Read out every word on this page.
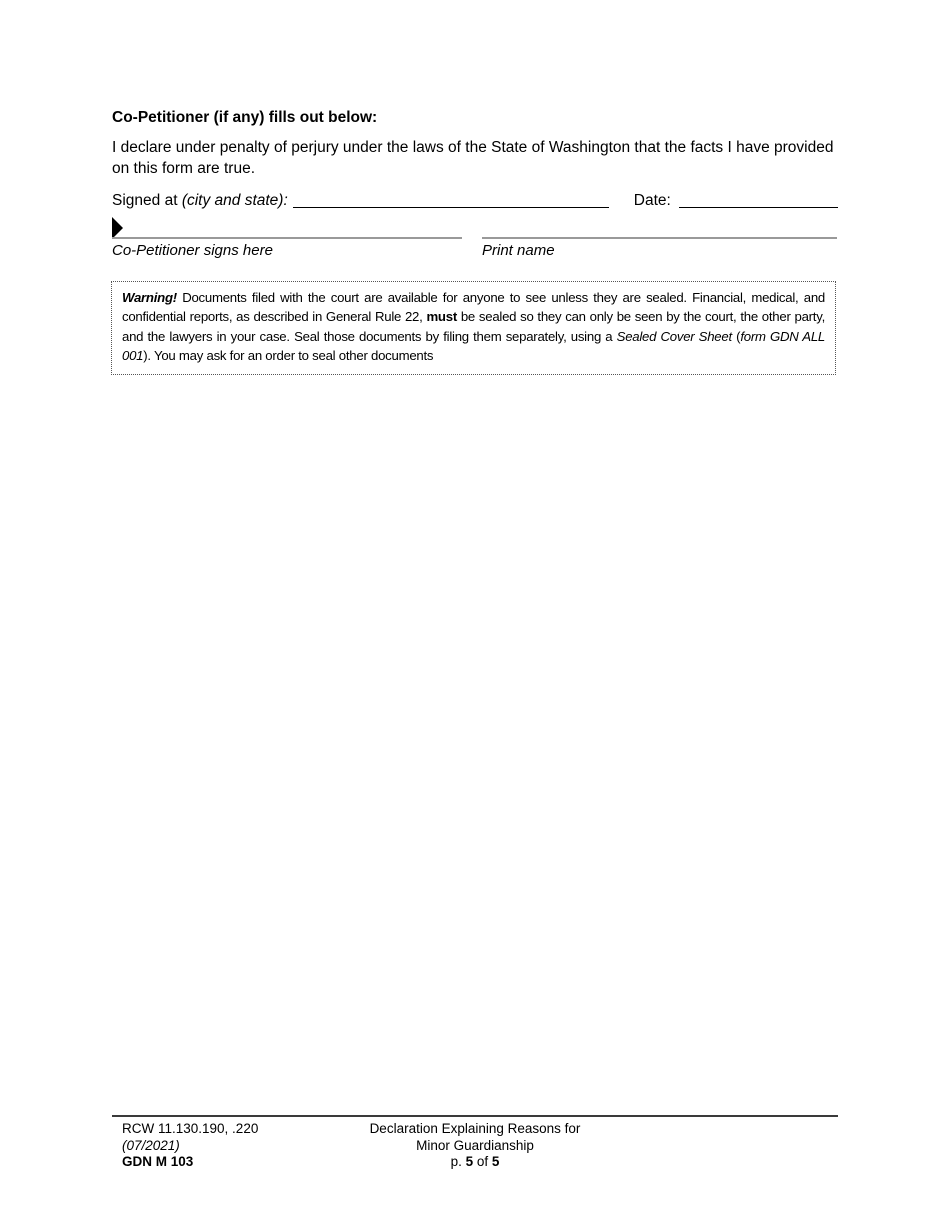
Co-Petitioner (if any) fills out below:
I declare under penalty of perjury under the laws of the State of Washington that the facts I have provided on this form are true.
Signed at (city and state):	Date:
Co-Petitioner signs here	Print name
Warning! Documents filed with the court are available for anyone to see unless they are sealed. Financial, medical, and confidential reports, as described in General Rule 22, must be sealed so they can only be seen by the court, the other party, and the lawyers in your case. Seal those documents by filing them separately, using a Sealed Cover Sheet (form GDN ALL 001). You may ask for an order to seal other documents
RCW 11.130.190, .220
(07/2021)
GDN M 103
Declaration Explaining Reasons for
Minor Guardianship
p. 5 of 5
